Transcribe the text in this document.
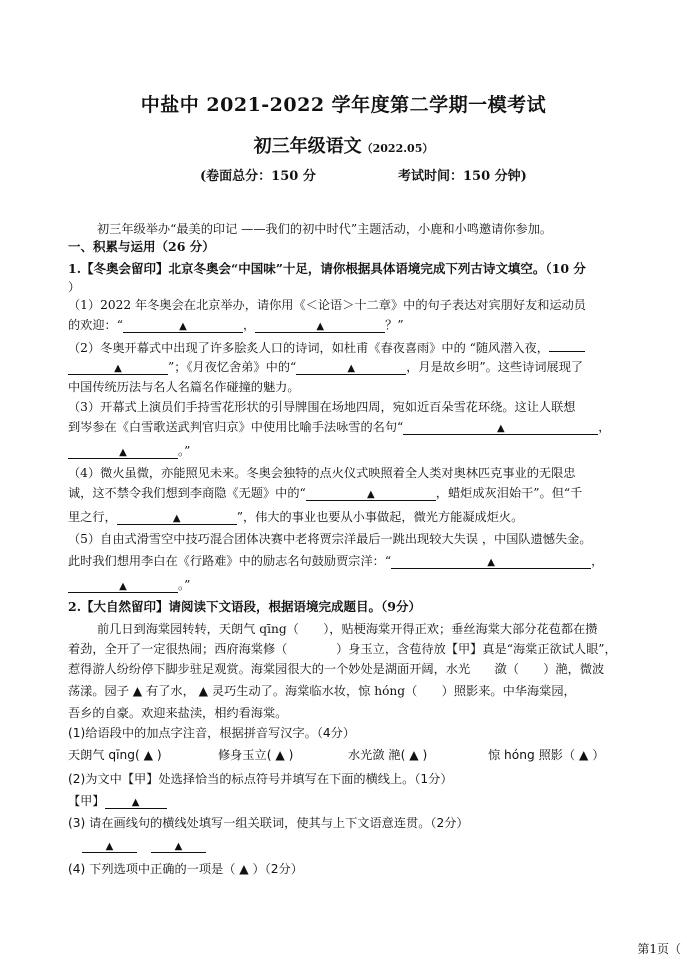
中盐中 2021-2022 学年度第二学期一模考试
初三年级语文（2022.05）
(卷面总分：150 分	考试时间：150 分钟)
初三年级举办“最美的印记 ——我们的初中时代”主题活动，小鹿和小鸣邀请你参加。
一、积累与运用（26 分）
1.【冬奥会留印】北京冬奥会“中国味”十足，请你根据具体语境完成下列古诗文填空。（10 分
）
（1）2022 年冬奥会在北京举办，请你用《＜论语＞十二章》中的句子表达对宾朋好友和运动员
的欢迎：“	▲	，	▲	？”
（2）冬奥开幕式中出现了许多脍炙人口的诗词，如杜甫《春夜喜雨》中的 “随风潜入夜，
▲	”；《月夜忆舍弟》中的“	▲	，月是故乡明”。这些诗词展现了
中国传统历法与名人名篇名作碰撞的魅力。
（3）开幕式上演员们手持雪花形状的引导牌围在场地四周，宛如近百朵雪花环绕。这让人联想
到岑参在《白雪歌送武判官归京》中使用比喻手法咏雪的名句“	▲	，
▲	。”
（4）微火虽微，亦能照见未来。冬奥会独特的点火仪式映照着全人类对奥林匹克事业的无限忠
诚，这不禁令我们想到李商隐《无题》中的“	▲	，蜡炬成灰泪始干”。但“千
里之行，	▲	”，伟大的事业也要从小事做起，微光方能凝成炬火。
（5）自由式滑雪空中技巧混合团体决赛中老将贾宗洋最后一跳出现较大失误 ，中国队遗憾失金。
此时我们想用李白在《行路难》中的励志名句鼓励贾宗洋：“	▲	，
▲	。”
2.【大自然留印】请阅读下文语段，根据语境完成题目。（9分）
前几日到海棠园转转，天朗气 qīng（　　），贴梗海棠开得正欢；垂丝海棠大部分花苞都在攒
着劲，全开了一定很热闹；西府海棠修（　　　　）身玉立，含苞待放【甲】真是“海棠正欲试人眼”，
惹得游人纷纷停下脚步驻足观赏。海棠园很大的一个妙处是湖面开阔，水光　　潋（　　）滟，微波
荡漾。园子 ▲ 有了水， ▲ 灵巧生动了。海棠临水妆，惊 hóng（　　）照影来。中华海棠园，
吾乡的自豪。欢迎来盐渎，相约看海棠。
(1)给语段中的加点字注音，根据拼音写汉字。（4分）
天朗气 qīng( ▲ )	修身玉立( ▲ )	水光潋 滟( ▲ )	惊 hóng 照影（ ▲ ）
(2)为文中【甲】处选择恰当的标点符号并填写在下面的横线上。（1分）
【甲】	▲
(3) 请在画线句的横线处填写一组关联词，使其与上下文语意连贯。（2分）
▲	▲
(4) 下列选项中正确的一项是（ ▲ ）（2分）
第1页（
